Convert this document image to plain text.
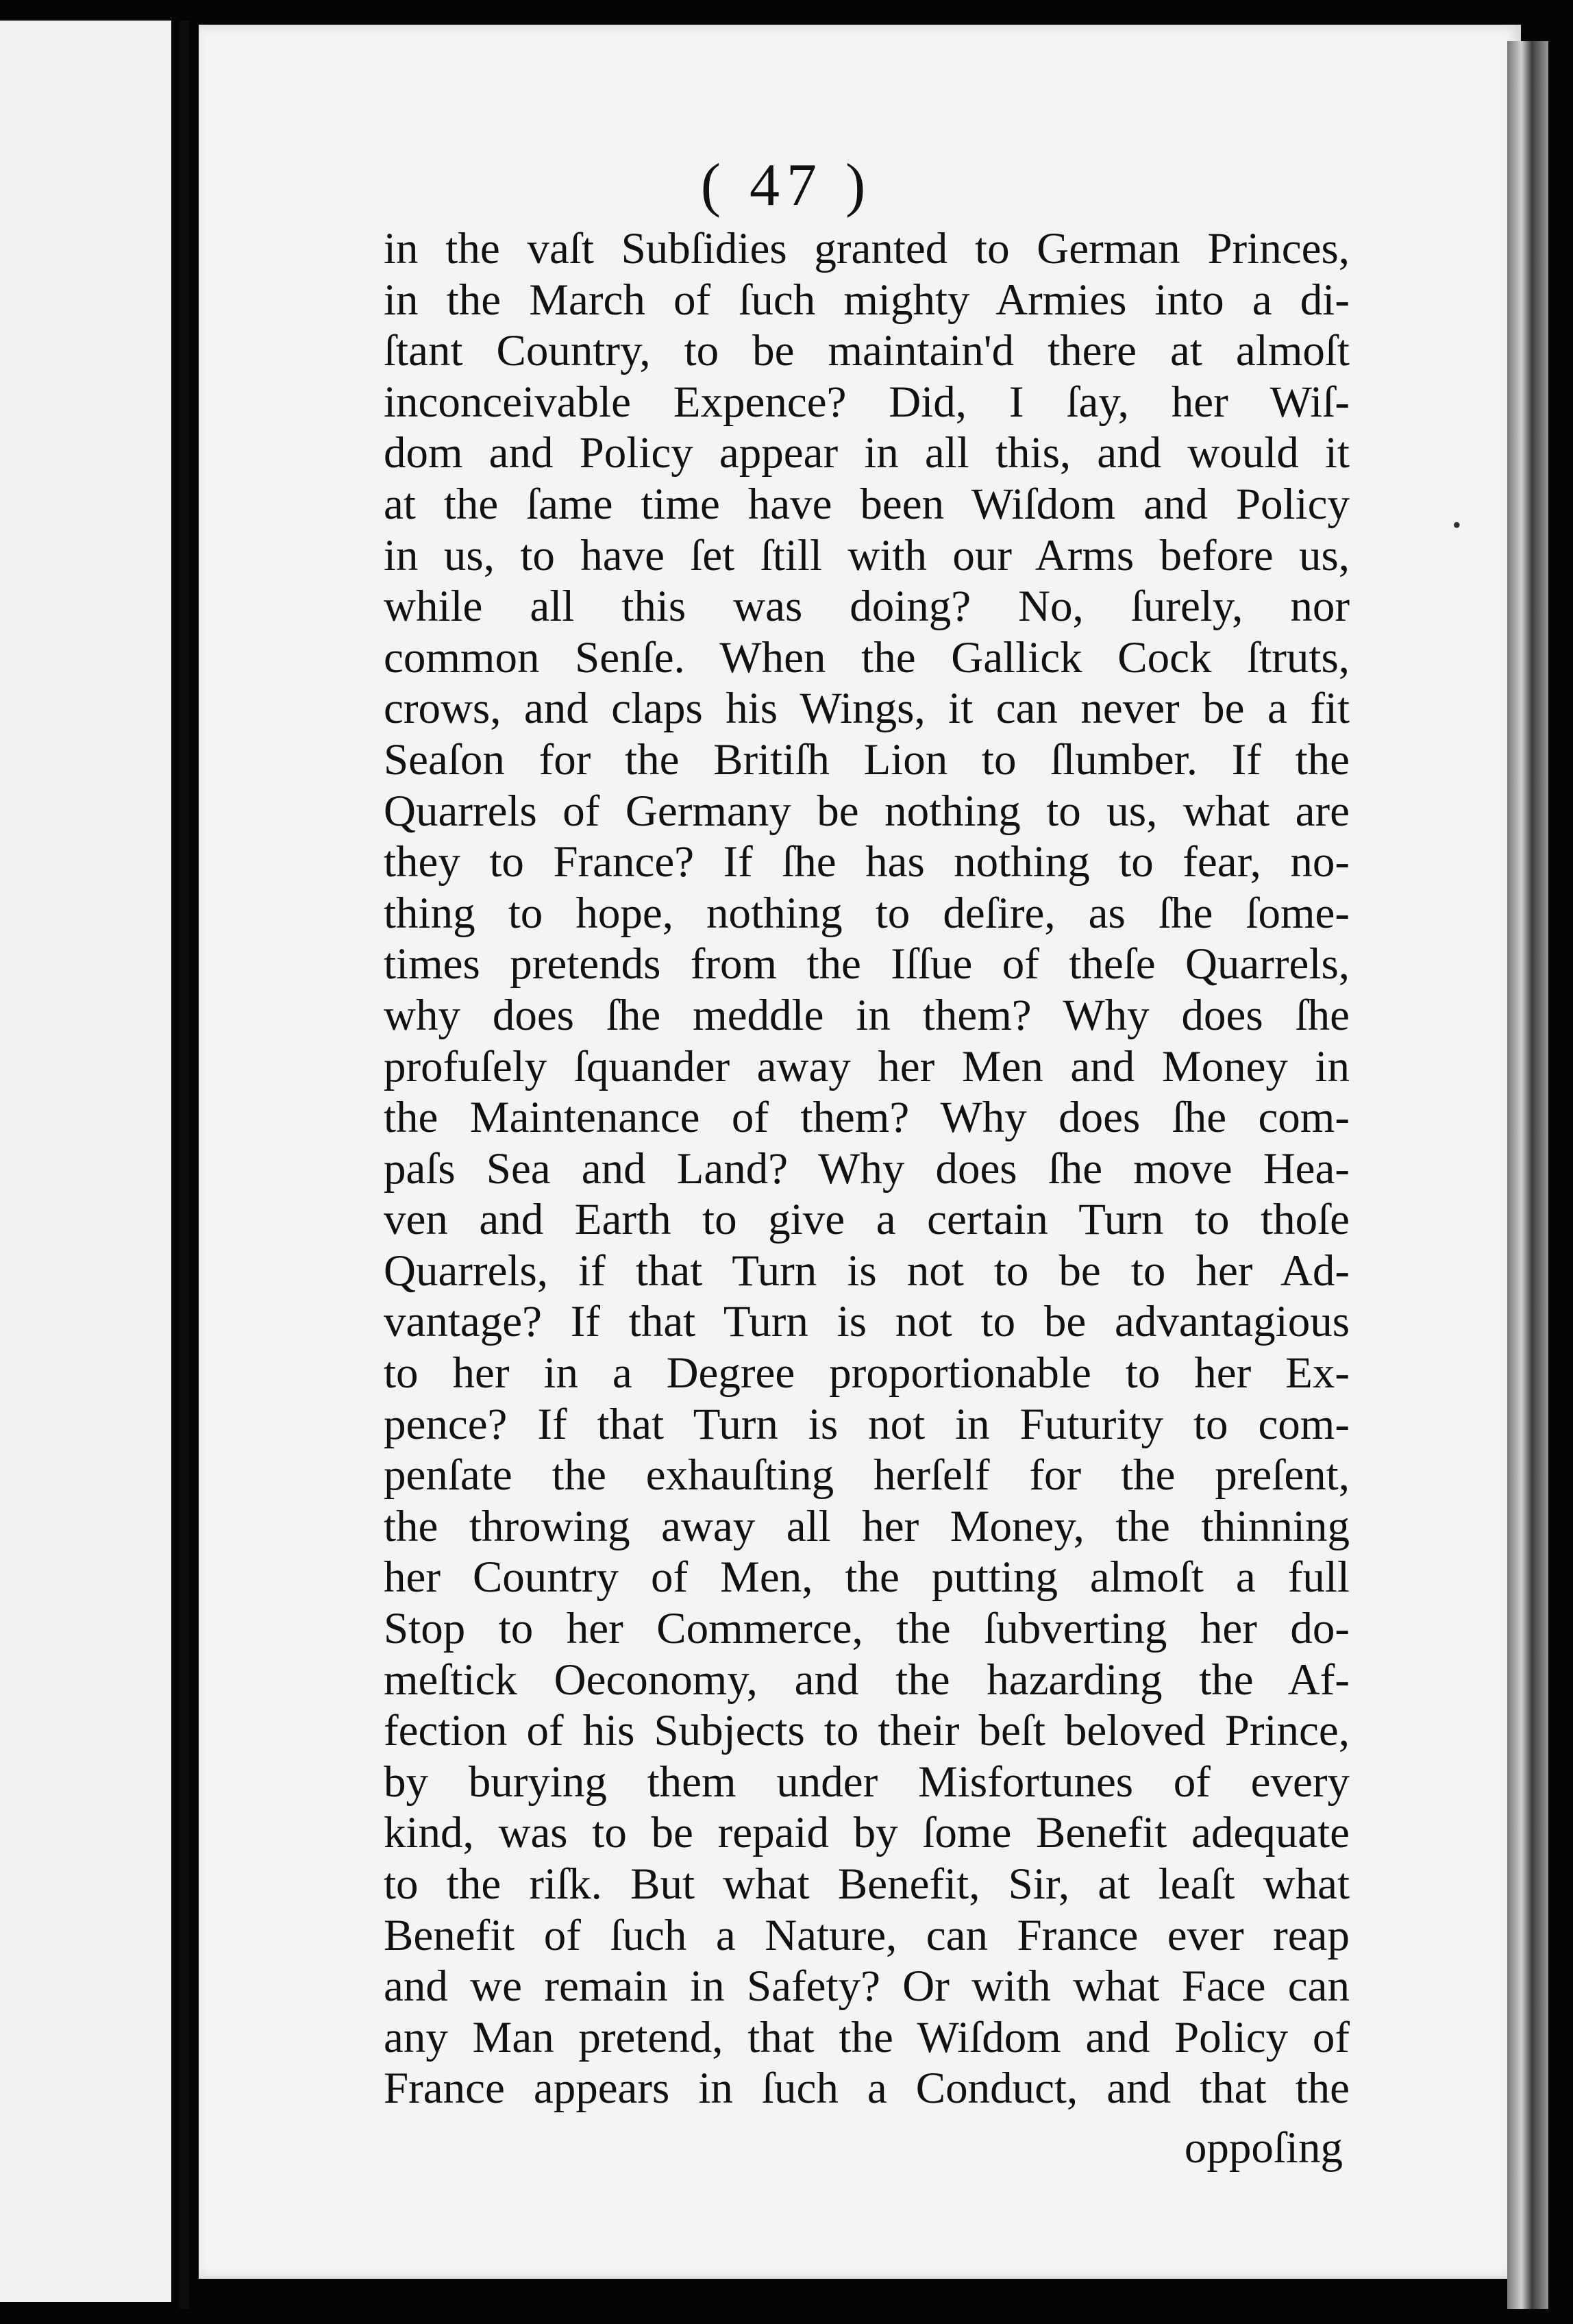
( 47 )
in the vaſt Subſidies granted to German Princes,
in the March of ſuch mighty Armies into a di-
ſtant Country, to be maintain'd there at almoſt
inconceivable Expence? Did, I ſay, her Wiſ-
dom and Policy appear in all this, and would it
at the ſame time have been Wiſdom and Policy
in us, to have ſet ſtill with our Arms before us,
while all this was doing? No, ſurely, nor
common Senſe. When the Gallick Cock ſtruts,
crows, and claps his Wings, it can never be a fit
Seaſon for the Britiſh Lion to ſlumber. If the
Quarrels of Germany be nothing to us, what are
they to France? If ſhe has nothing to fear, no-
thing to hope, nothing to deſire, as ſhe ſome-
times pretends from the Iſſue of theſe Quarrels,
why does ſhe meddle in them? Why does ſhe
profuſely ſquander away her Men and Money in
the Maintenance of them? Why does ſhe com-
paſs Sea and Land? Why does ſhe move Hea-
ven and Earth to give a certain Turn to thoſe
Quarrels, if that Turn is not to be to her Ad-
vantage? If that Turn is not to be advantagious
to her in a Degree proportionable to her Ex-
pence? If that Turn is not in Futurity to com-
penſate the exhauſting herſelf for the preſent,
the throwing away all her Money, the thinning
her Country of Men, the putting almoſt a full
Stop to her Commerce, the ſubverting her do-
meſtick Oeconomy, and the hazarding the Af-
fection of his Subjects to their beſt beloved Prince,
by burying them under Misfortunes of every
kind, was to be repaid by ſome Benefit adequate
to the riſk. But what Benefit, Sir, at leaſt what
Benefit of ſuch a Nature, can France ever reap
and we remain in Safety? Or with what Face can
any Man pretend, that the Wiſdom and Policy of
France appears in ſuch a Conduct, and that the
oppoſing
•
